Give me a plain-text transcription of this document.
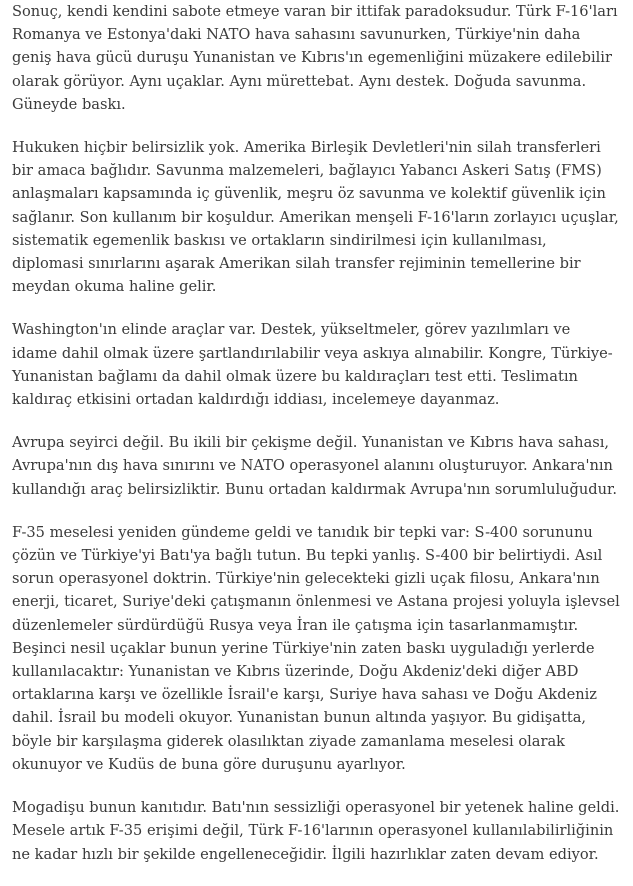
Sonuç, kendi kendini sabote etmeye varan bir ittifak paradoksudur. Türk F-16'ları Romanya ve Estonya'daki NATO hava sahasını savunurken, Türkiye'nin daha geniş hava gücü duruşu Yunanistan ve Kıbrıs'ın egemenliğini müzakere edilebilir olarak görüyor. Aynı uçaklar. Aynı mürettebat. Aynı destek. Doğuda savunma. Güneyde baskı.

Hukuken hiçbir belirsizlik yok. Amerika Birleşik Devletleri'nin silah transferleri bir amaca bağlıdır. Savunma malzemeleri, bağlayıcı Yabancı Askeri Satış (FMS) anlaşmaları kapsamında iç güvenlik, meşru öz savunma ve kolektif güvenlik için sağlanır. Son kullanım bir koşuldur. Amerikan menşeli F-16'ların zorlayıcı uçuşlar, sistematik egemenlik baskısı ve ortakların sindirilmesi için kullanılması, diplomasi sınırlarını aşarak Amerikan silah transfer rejiminin temellerine bir meydan okuma haline gelir.

Washington'ın elinde araçlar var. Destek, yükseltmeler, görev yazılımları ve idame dahil olmak üzere şartlandırılabilir veya askıya alınabilir. Kongre, Türkiye-Yunanistan bağlamı da dahil olmak üzere bu kaldıraçları test etti. Teslimatın kaldıraç etkisini ortadan kaldırdığı iddiası, incelemeye dayanmaz.

Avrupa seyirci değil. Bu ikili bir çekişme değil. Yunanistan ve Kıbrıs hava sahası, Avrupa'nın dış hava sınırını ve NATO operasyonel alanını oluşturuyor. Ankara'nın kullandığı araç belirsizliktir. Bunu ortadan kaldırmak Avrupa'nın sorumluluğudur.

F-35 meselesi yeniden gündeme geldi ve tanıdık bir tepki var: S-400 sorununu çözün ve Türkiye'yi Batı'ya bağlı tutun. Bu tepki yanlış. S-400 bir belirtiydi. Asıl sorun operasyonel doktrin. Türkiye'nin gelecekteki gizli uçak filosu, Ankara'nın enerji, ticaret, Suriye'deki çatışmanın önlenmesi ve Astana projesi yoluyla işlevsel düzenlemeler sürdürdüğü Rusya veya İran ile çatışma için tasarlanmamıştır. Beşinci nesil uçaklar bunun yerine Türkiye'nin zaten baskı uyguladığı yerlerde kullanılacaktır: Yunanistan ve Kıbrıs üzerinde, Doğu Akdeniz'deki diğer ABD ortaklarına karşı ve özellikle İsrail'e karşı, Suriye hava sahası ve Doğu Akdeniz dahil. İsrail bu modeli okuyor. Yunanistan bunun altında yaşıyor. Bu gidişatta, böyle bir karşılaşma giderek olasılıktan ziyade zamanlama meselesi olarak okunuyor ve Kudüs de buna göre duruşunu ayarlıyor.

Mogadişu bunun kanıtıdır. Batı'nın sessizliği operasyonel bir yetenek haline geldi. Mesele artık F-35 erişimi değil, Türk F-16'larının operasyonel kullanılabilirliğinin ne kadar hızlı bir şekilde engelleneceğidir. İlgili hazırlıklar zaten devam ediyor.
